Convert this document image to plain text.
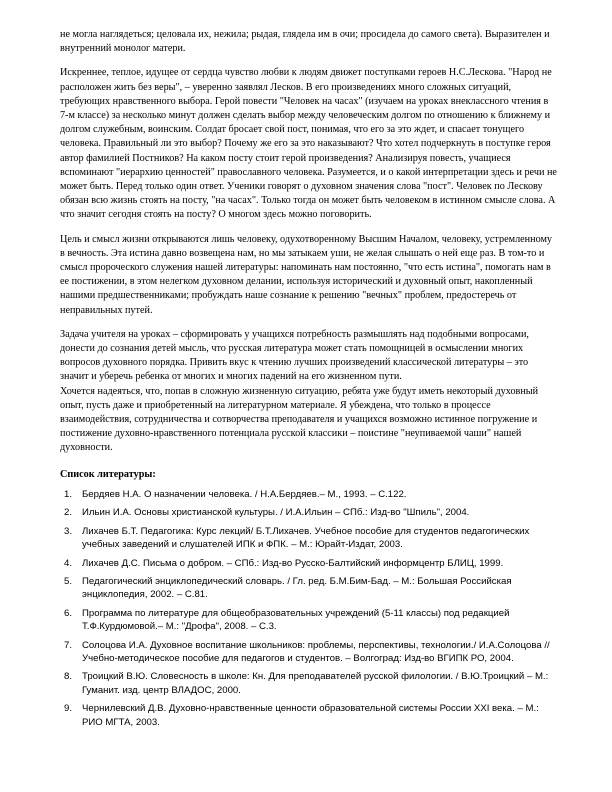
не могла наглядеться; целовала их, нежила; рыдая, глядела им в очи; просидела до самого света). Выразителен и внутренний монолог матери.

Искреннее, теплое, идущее от сердца чувство любви к людям движет поступками героев Н.С.Лескова. "Народ не расположен жить без веры", – уверенно заявлял Лесков. В его произведениях много сложных ситуаций, требующих нравственного выбора. Герой повести "Человек на часах" (изучаем на уроках внеклассного чтения в 7-м классе) за несколько минут должен сделать выбор между человеческим долгом по отношению к ближнему и долгом служебным, воинским. Солдат бросает свой пост, понимая, что его за это ждет, и спасает тонущего человека. Правильный ли это выбор? Почему же его за это наказывают? Что хотел подчеркнуть в поступке героя автор фамилией Постников? На каком посту стоит герой произведения? Анализируя повесть, учащиеся вспоминают "иерархию ценностей" православного человека. Разумеется, и о какой интерпретации здесь и речи не может быть. Перед только один ответ. Ученики говорят о духовном значения слова "пост". Человек по Лескову обязан всю жизнь стоять на посту, "на часах". Только тогда он может быть человеком в истинном смысле слова. А что значит сегодня стоять на посту? О многом здесь можно поговорить.

Цель и смысл жизни открываются лишь человеку, одухотворенному Высшим Началом, человеку, устремленному в вечность. Эта истина давно возвещена нам, но мы затыкаем уши, не желая слышать о ней еще раз. В том-то и смысл пророческого служения нашей литературы: напоминать нам постоянно, "что есть истина", помогать нам в ее постижении, в этом нелегком духовном делании, используя исторический и духовный опыт, накопленный нашими предшественниками; пробуждать наше сознание к решению "вечных" проблем, предостеречь от неправильных путей.

Задача учителя на уроках – сформировать у учащихся потребность размышлять над подобными вопросами, донести до сознания детей мысль, что русская литература может стать помощницей в осмыслении многих вопросов духовного порядка. Привить вкус к чтению лучших произведений классической литературы – это значит и уберечь ребенка от многих и многих падений на его жизненном пути.

Хочется надеяться, что, попав в сложную жизненную ситуацию, ребята уже будут иметь некоторый духовный опыт, пусть даже и приобретенный на литературном материале. Я убеждена, что только в процессе взаимодействия, сотрудничества и сотворчества преподавателя и учащихся возможно истинное погружение и постижение духовно-нравственного потенциала русской классики – поистине "неупиваемой чаши" нашей духовности.

Список литературы:
1. Бердяев Н.А. О назначении человека. / Н.А.Бердяев.– М., 1993. – С.122.
2. Ильин И.А. Основы христианской культуры. / И.А.Ильин – СПб.: Изд-во "Шпиль", 2004.
3. Лихачев Б.Т. Педагогика: Курс лекций/ Б.Т.Лихачев. Учебное пособие для студентов педагогических учебных заведений и слушателей ИПК и ФПК. – М.: Юрайт-Издат, 2003.
4. Лихачев Д.С. Письма о добром. – СПб.: Изд-во Русско-Балтийский информцентр БЛИЦ, 1999.
5. Педагогический энциклопедический словарь. / Гл. ред. Б.М.Бим-Бад. – М.: Большая Российская энциклопедия, 2002. – С.81.
6. Программа по литературе для общеобразовательных учреждений (5-11 классы) под редакцией Т.Ф.Курдюмовой.– М.: "Дрофа", 2008. – С.3.
7. Солоцова И.А. Духовное воспитание школьников: проблемы, перспективы, технологии./ И.А.Солоцова //Учебно-методическое пособие для педагогов и студентов. – Волгоград: Изд-во ВГИПК РО, 2004.
8. Троицкий В.Ю. Словесность в школе: Кн. Для преподавателей русской филологии. / В.Ю.Троицкий – М.: Гуманит. изд. центр ВЛАДОС, 2000.
9. Чернилевский Д.В. Духовно-нравственные ценности образовательной системы России XXI века. – М.: РИО МГТА, 2003.
